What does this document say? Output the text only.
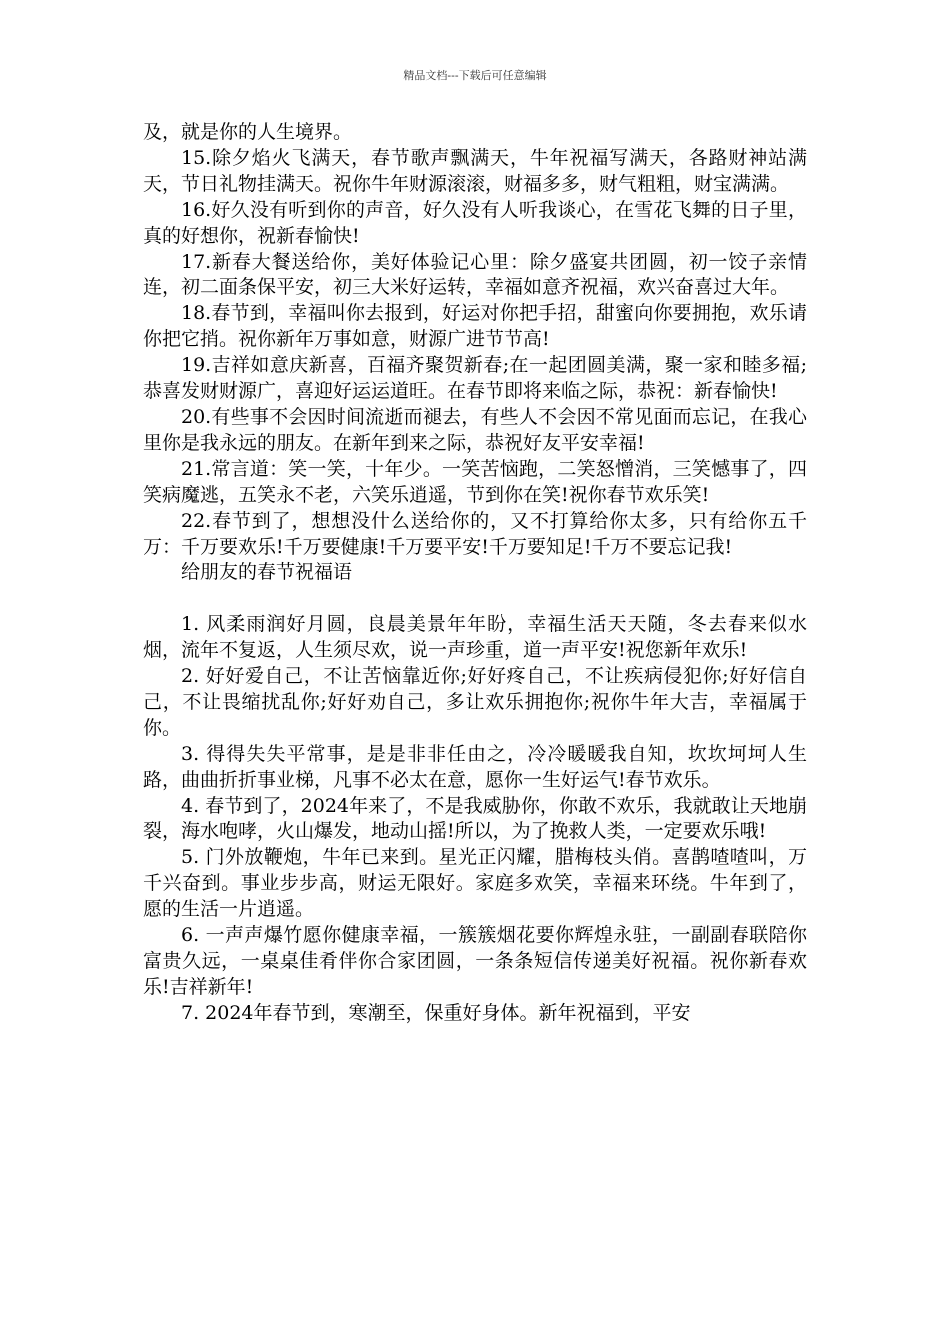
精品文档---下载后可任意编辑

及，就是你的人生境界。

15.除夕焰火飞满天，春节歌声飘满天，牛年祝福写满天，各路财神站满天，节日礼物挂满天。祝你牛年财源滚滚，财福多多，财气粗粗，财宝满满。

16.好久没有听到你的声音，好久没有人听我谈心，在雪花飞舞的日子里，真的好想你，祝新春愉快!

17.新春大餐送给你，美好体验记心里：除夕盛宴共团圆，初一饺子亲情连，初二面条保平安，初三大米好运转，幸福如意齐祝福，欢兴奋喜过大年。

18.春节到，幸福叫你去报到，好运对你把手招，甜蜜向你要拥抱，欢乐请你把它捎。祝你新年万事如意，财源广进节节高!

19.吉祥如意庆新喜，百福齐聚贺新春;在一起团圆美满，聚一家和睦多福;恭喜发财财源广，喜迎好运运道旺。在春节即将来临之际，恭祝：新春愉快!

20.有些事不会因时间流逝而褪去，有些人不会因不常见面而忘记，在我心里你是我永远的朋友。在新年到来之际，恭祝好友平安幸福!

21.常言道：笑一笑，十年少。一笑苦恼跑，二笑怒憎消，三笑憾事了，四笑病魔逃，五笑永不老，六笑乐逍遥，节到你在笑!祝你春节欢乐笑!

22.春节到了，想想没什么送给你的，又不打算给你太多，只有给你五千万：千万要欢乐!千万要健康!千万要平安!千万要知足!千万不要忘记我!

给朋友的春节祝福语

1. 风柔雨润好月圆，良晨美景年年盼，幸福生活天天随，冬去春来似水烟，流年不复返，人生须尽欢，说一声珍重，道一声平安!祝您新年欢乐!

2. 好好爱自己，不让苦恼靠近你;好好疼自己，不让疾病侵犯你;好好信自己，不让畏缩扰乱你;好好劝自己，多让欢乐拥抱你;祝你牛年大吉，幸福属于你。

3. 得得失失平常事，是是非非任由之，冷冷暖暖我自知，坎坎坷坷人生路，曲曲折折事业梯，凡事不必太在意，愿你一生好运气!春节欢乐。

4. 春节到了，2024年来了，不是我威胁你，你敢不欢乐，我就敢让天地崩裂，海水咆哮，火山爆发，地动山摇!所以，为了挽救人类，一定要欢乐哦!

5. 门外放鞭炮，牛年已来到。星光正闪耀，腊梅枝头俏。喜鹊喳喳叫，万千兴奋到。事业步步高，财运无限好。家庭多欢笑，幸福来环绕。牛年到了，愿的生活一片逍遥。

6. 一声声爆竹愿你健康幸福，一簇簇烟花要你辉煌永驻，一副副春联陪你富贵久远，一桌桌佳肴伴你合家团圆，一条条短信传递美好祝福。祝你新春欢乐!吉祥新年!

7. 2024年春节到，寒潮至，保重好身体。新年祝福到，平安
